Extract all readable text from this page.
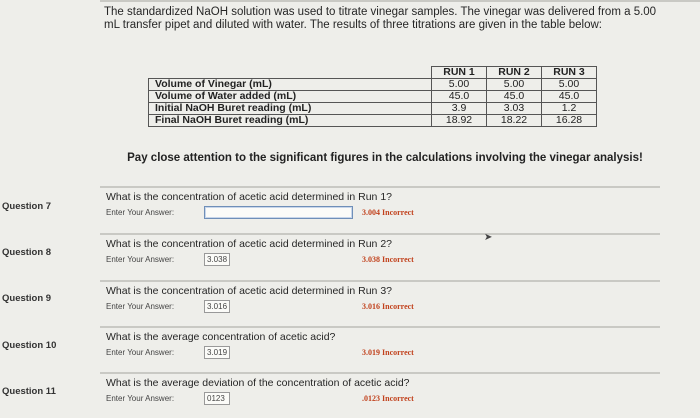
The standardized NaOH solution was used to titrate vinegar samples. The vinegar was delivered from a 5.00 mL transfer pipet and diluted with water. The results of three titrations are given in the table below:
	RUN 1	RUN 2	RUN 3
Volume of Vinegar (mL)	5.00	5.00	5.00
Volume of Water added (mL)	45.0	45.0	45.0
Initial NaOH Buret reading (mL)	3.9	3.03	1.2
Final NaOH Buret reading (mL)	18.92	18.22	16.28
Pay close attention to the significant figures in the calculations involving the vinegar analysis!
Question 7
What is the concentration of acetic acid determined in Run 1?
Enter Your Answer:	3.004 Incorrect
Question 8
What is the concentration of acetic acid determined in Run 2?
Enter Your Answer:	3.038	3.038 Incorrect
Question 9
What is the concentration of acetic acid determined in Run 3?
Enter Your Answer:	3.016	3.016 Incorrect
Question 10
What is the average concentration of acetic acid?
Enter Your Answer:	3.019	3.019 Incorrect
Question 11
What is the average deviation of the concentration of acetic acid?
Enter Your Answer:	0123	.0123 Incorrect
➤
